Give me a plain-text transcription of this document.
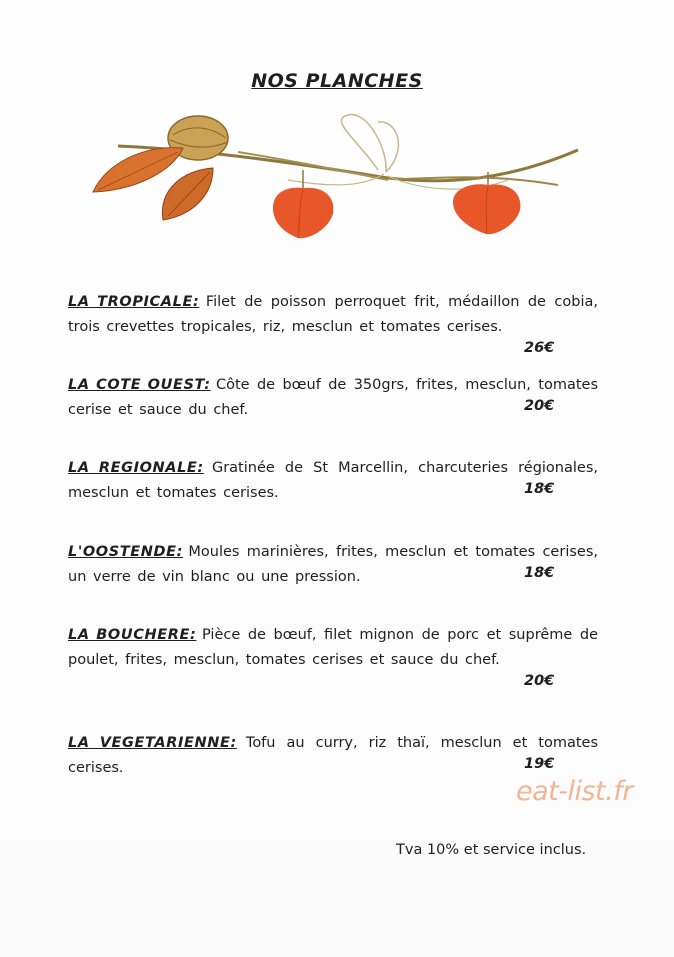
NOS PLANCHES
LA TROPICALE: Filet de poisson perroquet frit, médaillon de cobia, trois crevettes tropicales, riz, mesclun et tomates cerises.
26€
LA COTE OUEST: Côte de bœuf de 350grs, frites, mesclun, tomates cerise et sauce du chef.	20€
LA REGIONALE: Gratinée de St Marcellin, charcuteries régionales, mesclun et tomates cerises.	18€
L'OOSTENDE: Moules marinières, frites, mesclun et tomates cerises, un verre de vin blanc ou une pression.	18€
LA BOUCHERE: Pièce de bœuf, filet mignon de porc et suprême de poulet, frites, mesclun, tomates cerises et sauce du chef.
20€
LA VEGETARIENNE: Tofu au curry, riz thaï, mesclun et tomates cerises.	19€
eat-list.fr
Tva 10% et service inclus.
